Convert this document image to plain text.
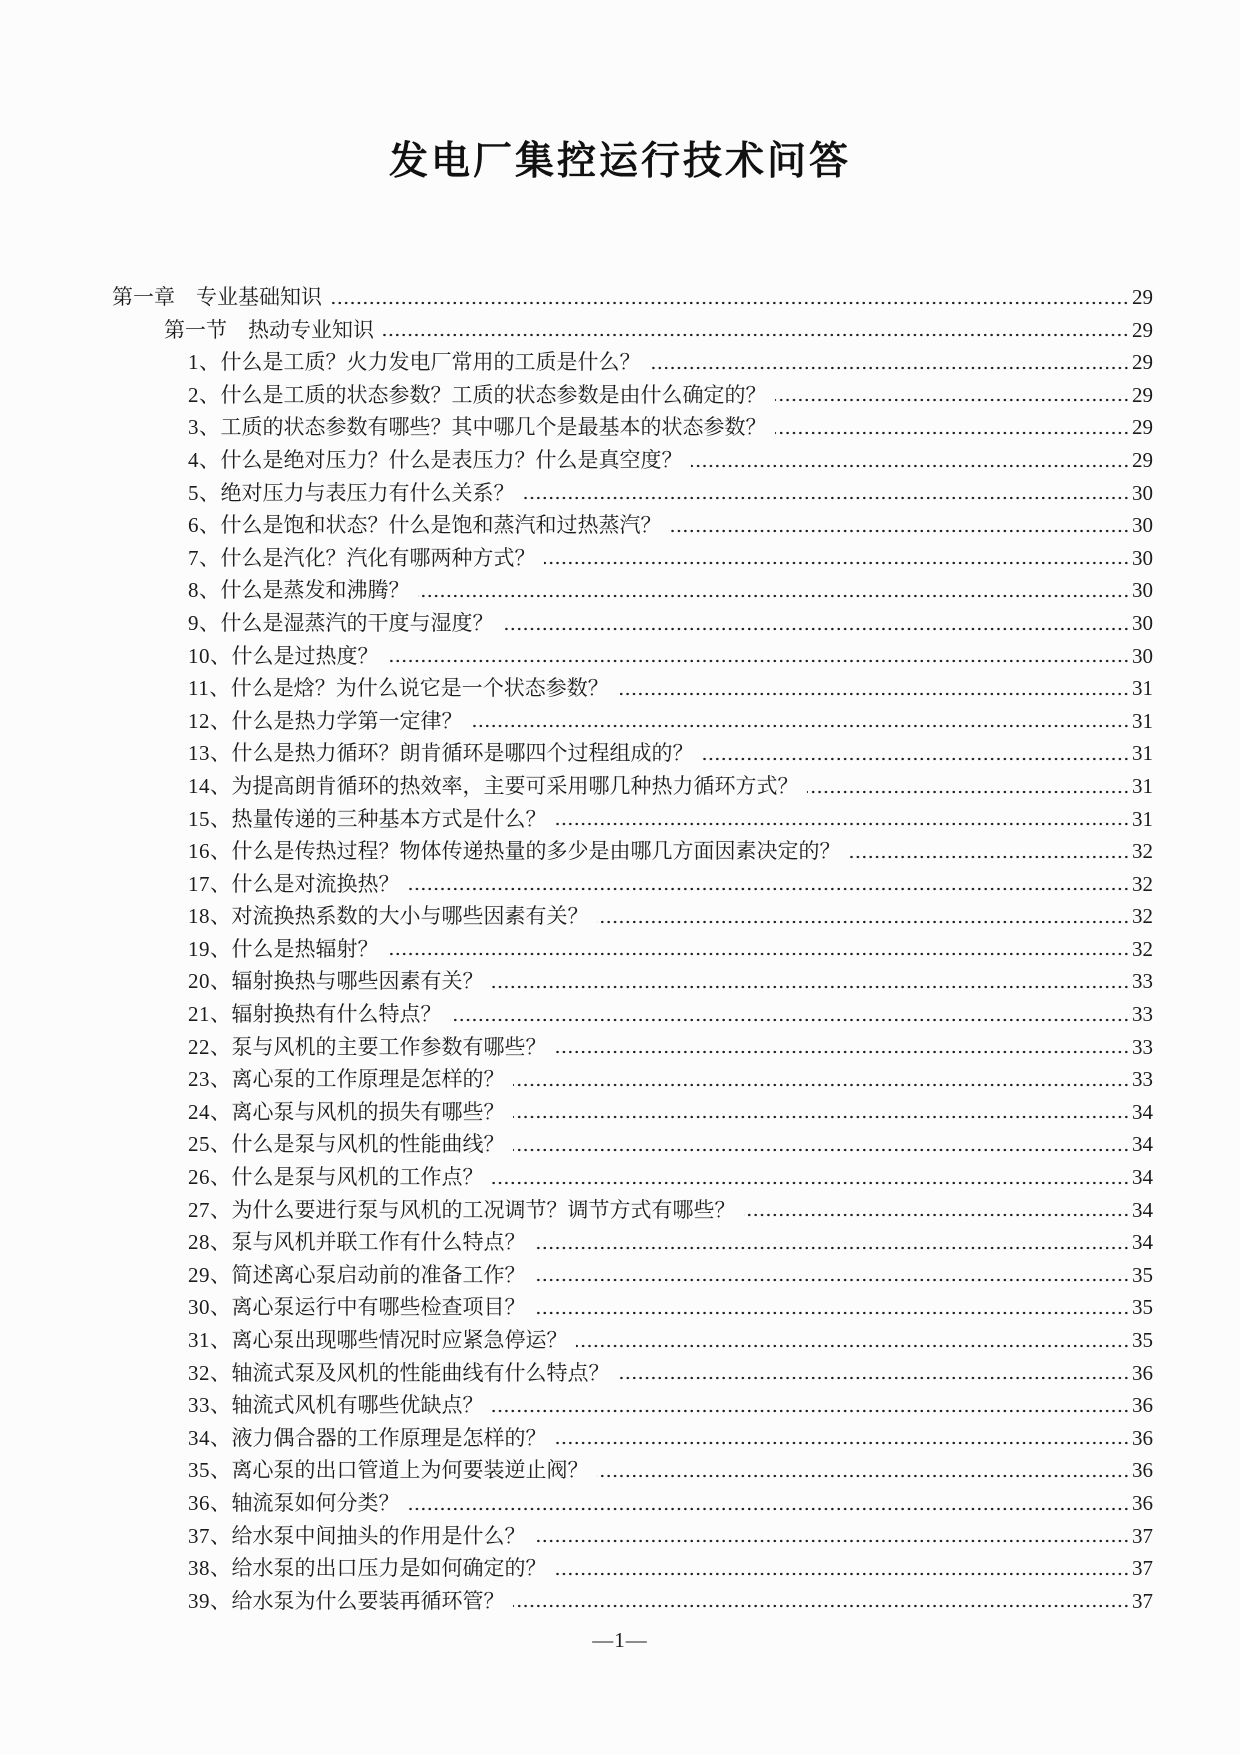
发电厂集控运行技术问答
第一章 专业基础知识	29
第一节 热动专业知识	29
1、 什么是工质？火力发电厂常用的工质是什么？	29
2、 什么是工质的状态参数？工质的状态参数是由什么确定的？	29
3、 工质的状态参数有哪些？其中哪几个是最基本的状态参数？	29
4、 什么是绝对压力？什么是表压力？什么是真空度？	29
5、 绝对压力与表压力有什么关系？	30
6、 什么是饱和状态？什么是饱和蒸汽和过热蒸汽？	30
7、 什么是汽化？汽化有哪两种方式？	30
8、 什么是蒸发和沸腾？	30
9、 什么是湿蒸汽的干度与湿度？	30
10、 什么是过热度？	30
11、 什么是焓？为什么说它是一个状态参数？	31
12、 什么是热力学第一定律？	31
13、 什么是热力循环？朗肯循环是哪四个过程组成的？	31
14、 为提高朗肯循环的热效率，主要可采用哪几种热力循环方式？	31
15、 热量传递的三种基本方式是什么？	31
16、 什么是传热过程？物体传递热量的多少是由哪几方面因素决定的？	32
17、 什么是对流换热？	32
18、 对流换热系数的大小与哪些因素有关？	32
19、 什么是热辐射？	32
20、 辐射换热与哪些因素有关？	33
21、 辐射换热有什么特点？	33
22、 泵与风机的主要工作参数有哪些？	33
23、 离心泵的工作原理是怎样的？	33
24、 离心泵与风机的损失有哪些？	34
25、 什么是泵与风机的性能曲线？	34
26、 什么是泵与风机的工作点？	34
27、 为什么要进行泵与风机的工况调节？调节方式有哪些？	34
28、 泵与风机并联工作有什么特点？	34
29、 简述离心泵启动前的准备工作？	35
30、 离心泵运行中有哪些检查项目？	35
31、 离心泵出现哪些情况时应紧急停运？	35
32、 轴流式泵及风机的性能曲线有什么特点？	36
33、 轴流式风机有哪些优缺点？	36
34、 液力偶合器的工作原理是怎样的？	36
35、 离心泵的出口管道上为何要装逆止阀？	36
36、 轴流泵如何分类？	36
37、 给水泵中间抽头的作用是什么？	37
38、 给水泵的出口压力是如何确定的？	37
39、 给水泵为什么要装再循环管？	37
—1—
